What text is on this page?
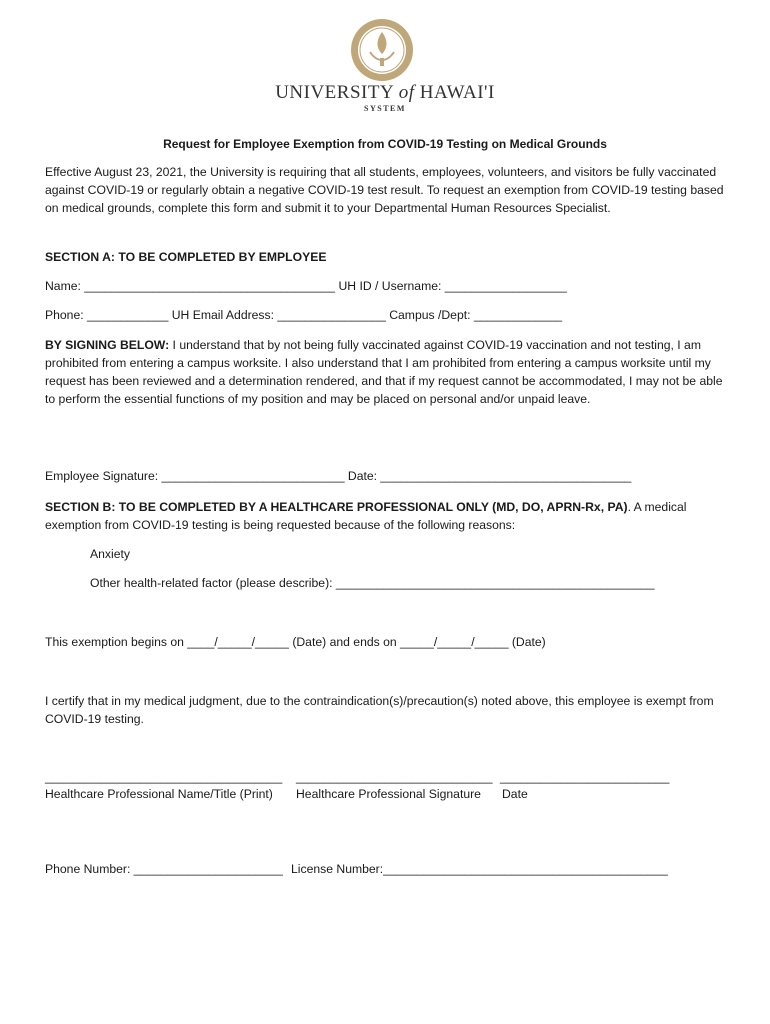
UNIVERSITY of HAWAI'I
SYSTEM
Request for Employee Exemption from COVID-19 Testing on Medical Grounds
Effective August 23, 2021, the University is requiring that all students, employees, volunteers, and visitors be fully vaccinated against COVID-19 or regularly obtain a negative COVID-19 test result. To request an exemption from COVID-19 testing based on medical grounds, complete this form and submit it to your Departmental Human Resources Specialist.
SECTION A: TO BE COMPLETED BY EMPLOYEE
Name: _____________________________________ UH ID / Username: __________________
Phone: ____________ UH Email Address: ________________ Campus /Dept: _____________
BY SIGNING BELOW: I understand that by not being fully vaccinated against COVID-19 vaccination and not testing, I am prohibited from entering a campus worksite. I also understand that I am prohibited from entering a campus worksite until my request has been reviewed and a determination rendered, and that if my request cannot be accommodated, I may not be able to perform the essential functions of my position and may be placed on personal and/or unpaid leave.
Employee Signature: ___________________________ Date: _____________________________________
SECTION B: TO BE COMPLETED BY A HEALTHCARE PROFESSIONAL ONLY (MD, DO, APRN-Rx, PA). A medical exemption from COVID-19 testing is being requested because of the following reasons:
Anxiety
Other health-related factor (please describe): _______________________________________________
This exemption begins on ____/_____/_____ (Date) and ends on _____/_____/_____ (Date)
I certify that in my medical judgment, due to the contraindication(s)/precaution(s) noted above, this employee is exempt from COVID-19 testing.
___________________________________ _____________________________ _________________________
Healthcare Professional Name/Title (Print) Healthcare Professional Signature Date
Phone Number: ______________________ License Number:__________________________________________
